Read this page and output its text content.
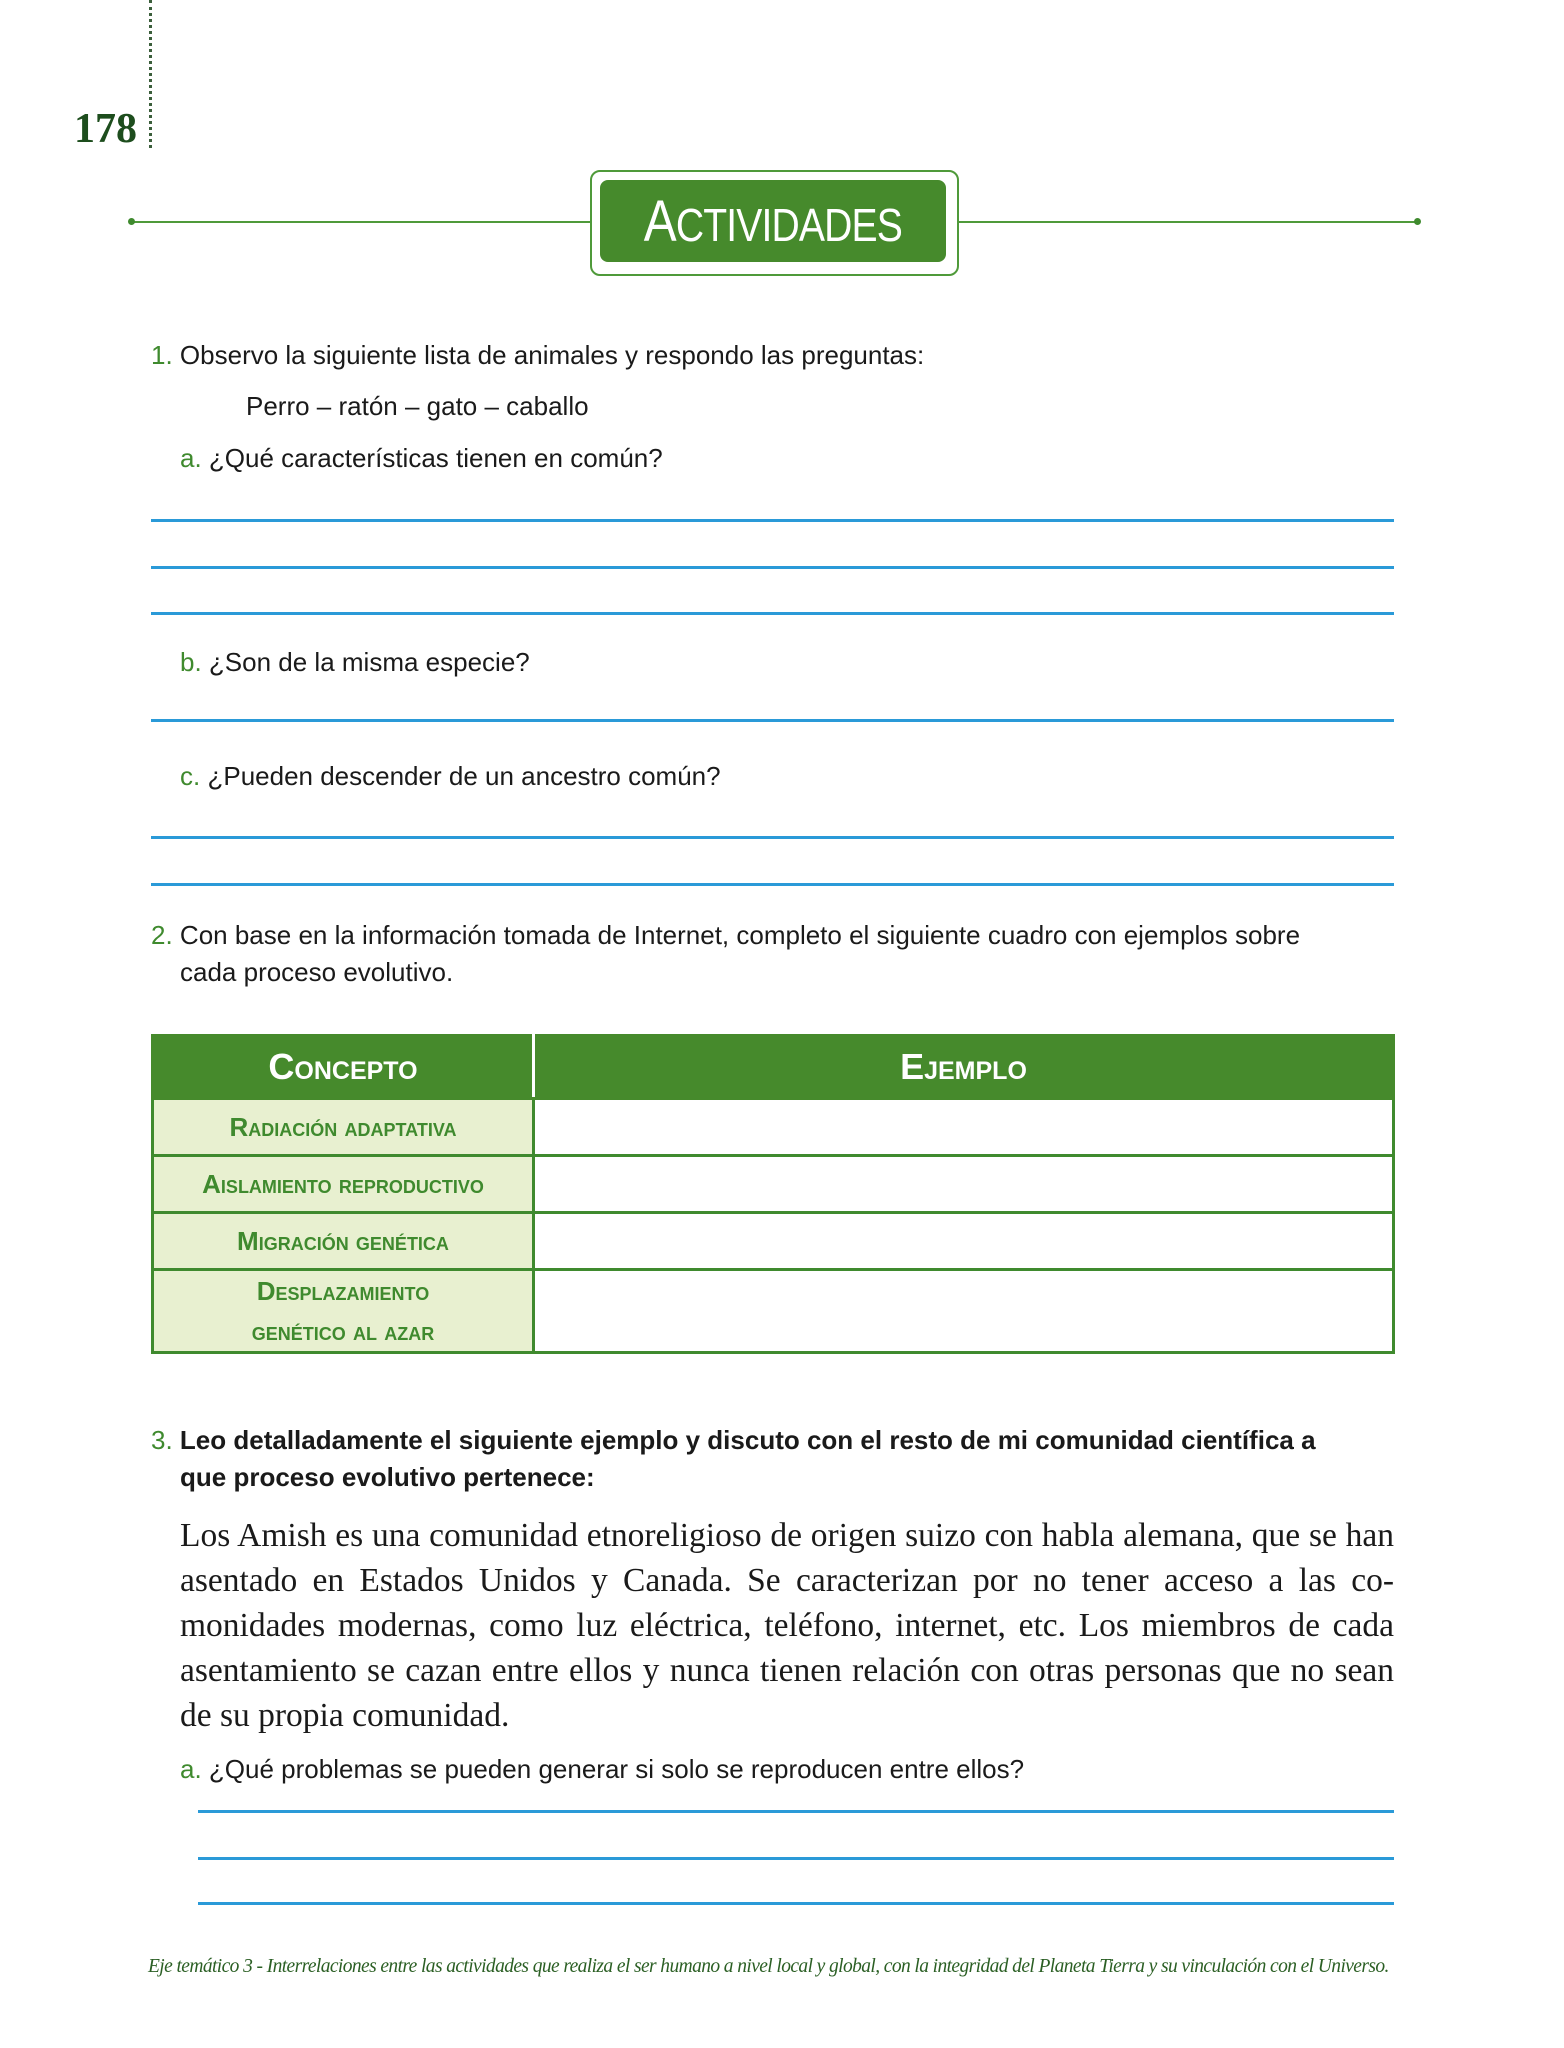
178
ACTIVIDADES
1. Observo la siguiente lista de animales y respondo las preguntas:
Perro – ratón – gato – caballo
a. ¿Qué características tienen en común?
b. ¿Son de la misma especie?
c. ¿Pueden descender de un ancestro común?
2. Con base en la información tomada de Internet, completo el siguiente cuadro con ejemplos sobre
cada proceso evolutivo.
Concepto	Ejemplo
Radiación adaptativa	
Aislamiento reproductivo	
Migración genética	
Desplazamiento
genético al azar	
3. Leo detalladamente el siguiente ejemplo y discuto con el resto de mi comunidad científica a
que proceso evolutivo pertenece:
Los Amish es una comunidad etnoreligioso de origen suizo con habla alemana, que se han asentado en Estados Unidos y Canada. Se caracterizan por no tener acceso a las co-monidades modernas, como luz eléctrica, teléfono, internet, etc. Los miembros de cada asentamiento se cazan entre ellos y nunca tienen relación con otras personas que no sean de su propia comunidad.
a. ¿Qué problemas se pueden generar si solo se reproducen entre ellos?
Eje temático 3 - Interrelaciones entre las actividades que realiza el ser humano a nivel local y global, con la integridad del Planeta Tierra y su vinculación con el Universo.
